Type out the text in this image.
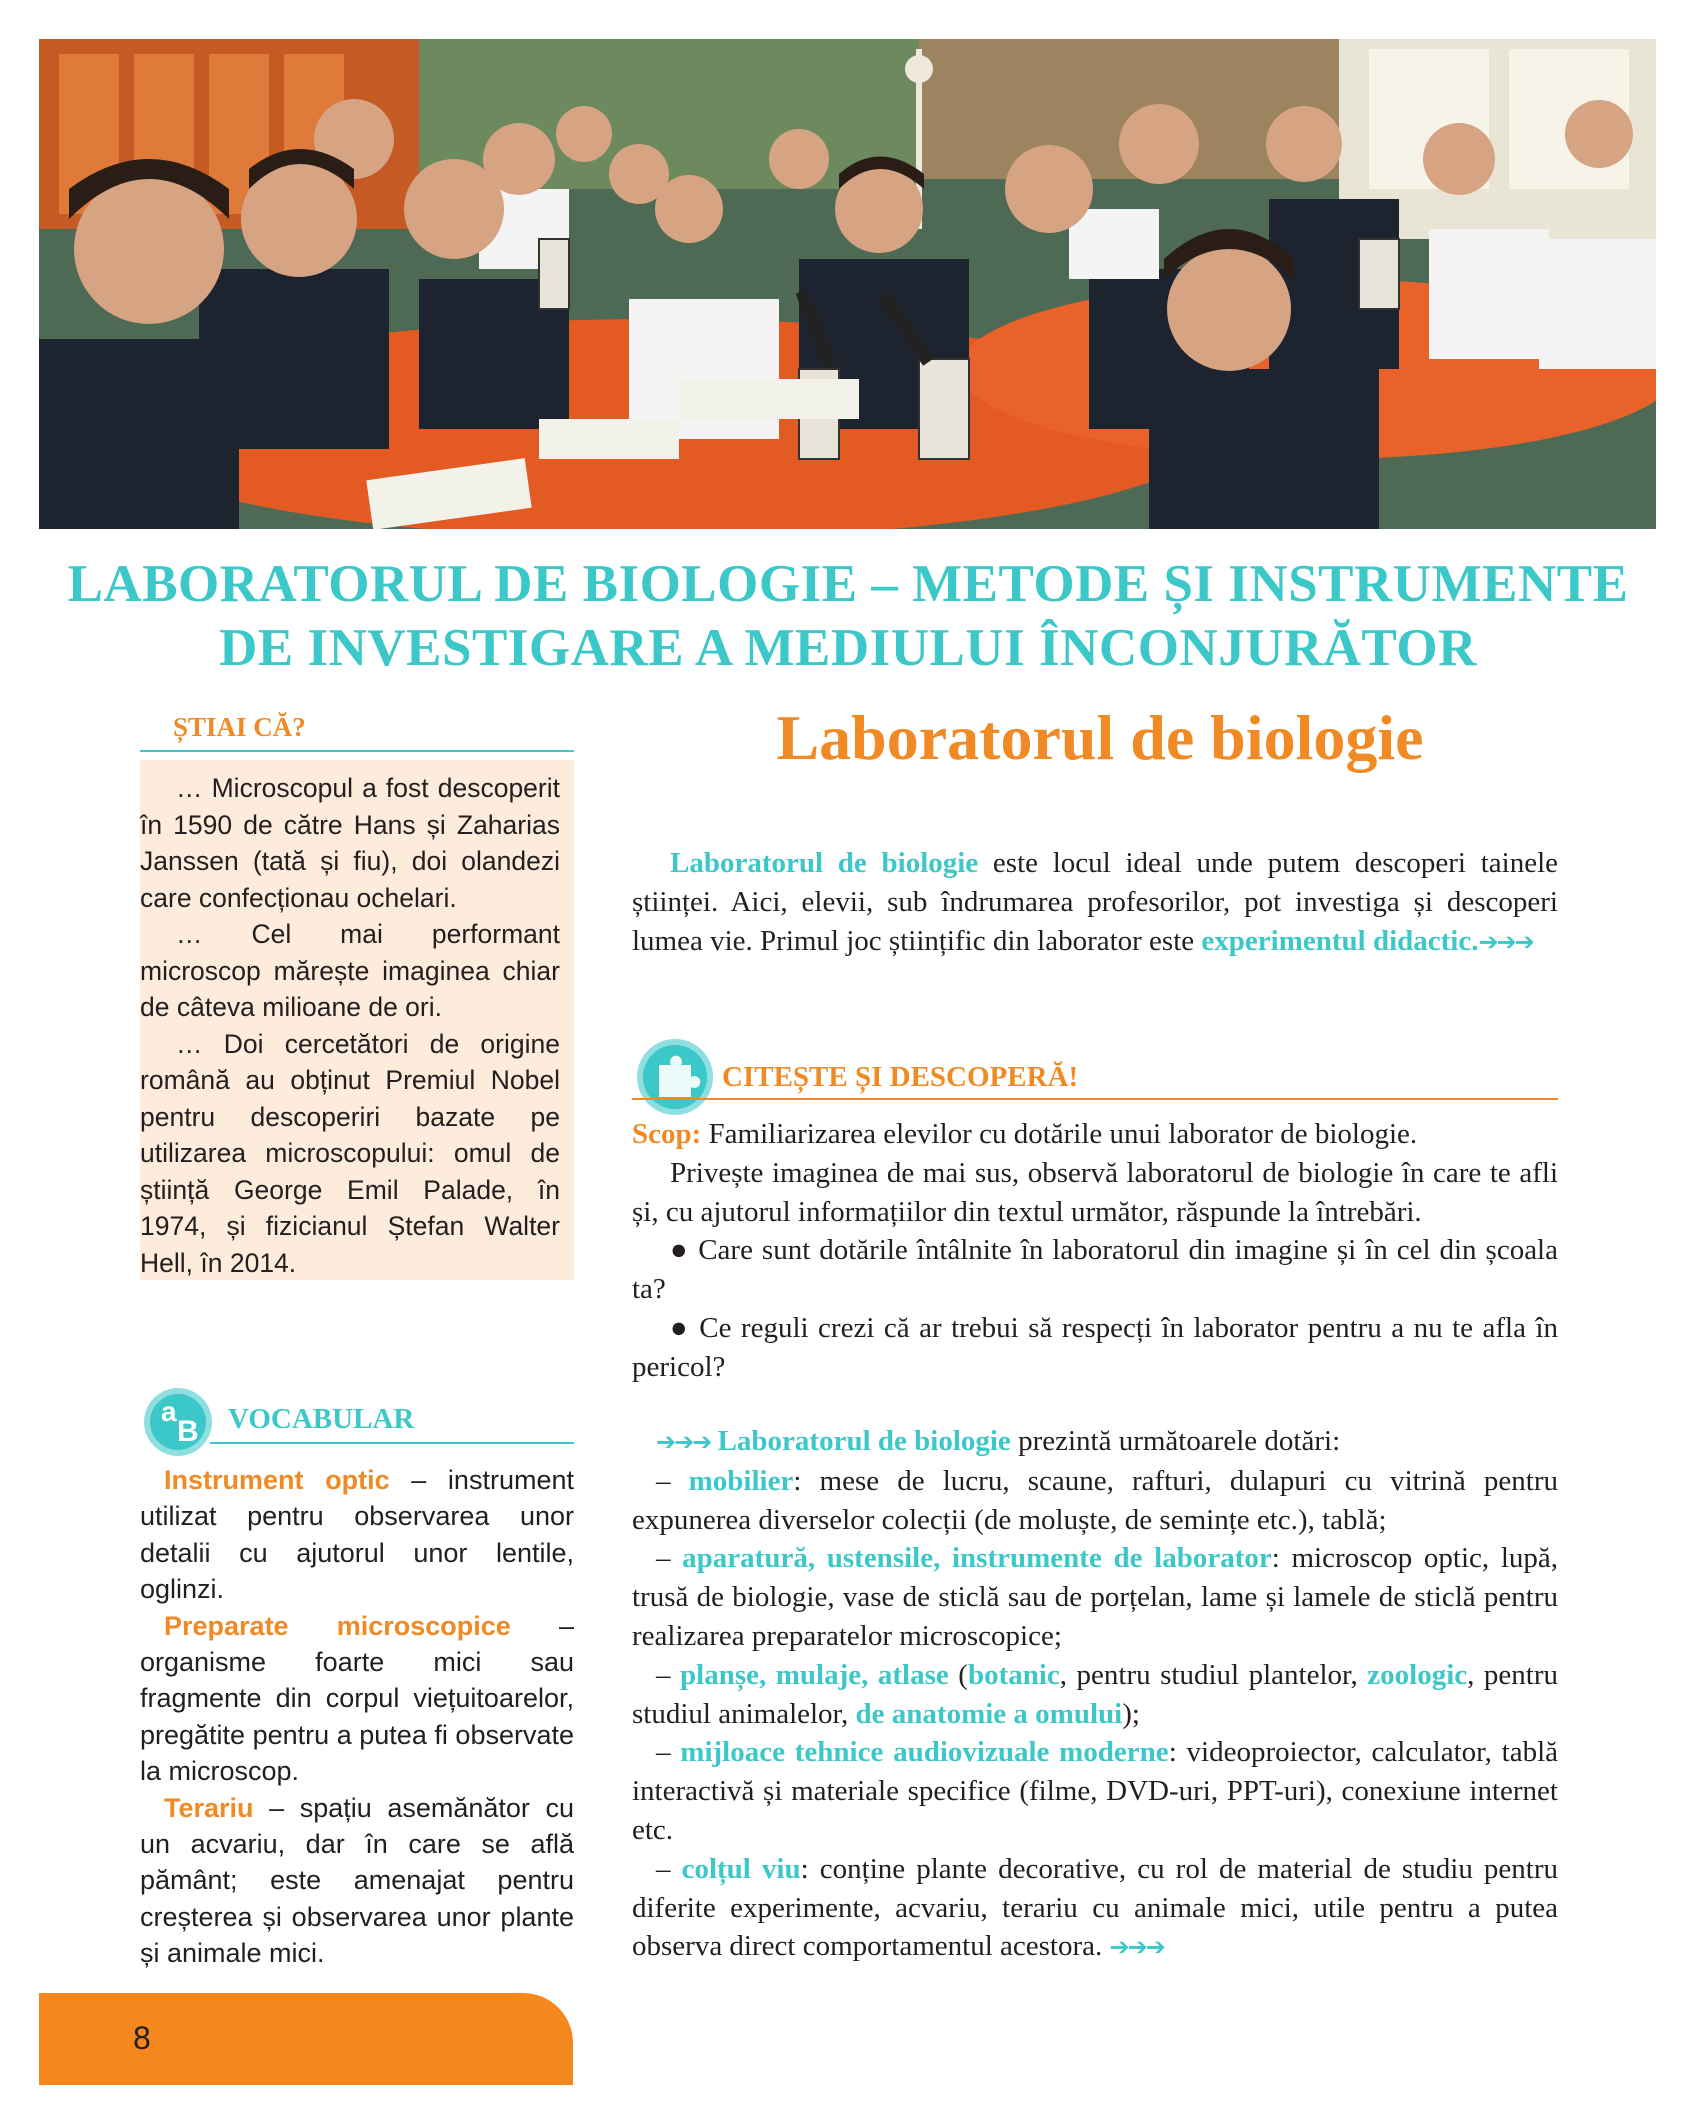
LABORATORUL DE BIOLOGIE – METODE ȘI INSTRUMENTE
DE INVESTIGARE A MEDIULUI ÎNCONJURĂTOR
Laboratorul de biologie
ȘTIAI CĂ?

… Microscopul a fost descoperit în 1590 de către Hans și Zaharias Janssen (tată și fiu), doi olandezi care confecționau ochelari.

… Cel mai performant microscop mărește imaginea chiar de câteva milioane de ori.

… Doi cercetători de origine română au obținut Premiul Nobel pentru descoperiri bazate pe utilizarea microscopului: omul de știință George Emil Palade, în 1974, și fizicianul Ștefan Walter Hell, în 2014.

a
B VOCABULAR

Instrument optic – instrument utilizat pentru observarea unor detalii cu ajutorul unor lentile, oglinzi.

Preparate microscopice – organisme foarte mici sau fragmente din corpul viețuitoarelor, pregătite pentru a putea fi observate la microscop.

Terariu – spațiu asemănător cu un acvariu, dar în care se află pământ; este amenajat pentru creșterea și observarea unor plante și animale mici.

8

Laboratorul de biologie este locul ideal unde putem descoperi tainele științei. Aici, elevii, sub îndrumarea profesorilor, pot investiga și descoperi lumea vie. Primul joc științific din laborator este experimentul didactic.➔➔➔

CITEȘTE ȘI DESCOPERĂ!

Scop: Familiarizarea elevilor cu dotările unui laborator de biologie.

Privește imaginea de mai sus, observă laboratorul de biologie în care te afli și, cu ajutorul informațiilor din textul următor, răspunde la întrebări.

● Care sunt dotările întâlnite în laboratorul din imagine și în cel din școala ta?

● Ce reguli crezi că ar trebui să respecți în laborator pentru a nu te afla în pericol?

➔➔➔ Laboratorul de biologie prezintă următoarele dotări:

– mobilier: mese de lucru, scaune, rafturi, dulapuri cu vitrină pentru expunerea diverselor colecții (de moluște, de semințe etc.), tablă;

– aparatură, ustensile, instrumente de laborator: microscop optic, lupă, trusă de biologie, vase de sticlă sau de porțelan, lame și lamele de sticlă pentru realizarea preparatelor microscopice;

– planșe, mulaje, atlase (botanic, pentru studiul plantelor, zoologic, pentru studiul animalelor, de anatomie a omului);

– mijloace tehnice audiovizuale moderne: videoproiector, calculator, tablă interactivă și materiale specifice (filme, DVD-uri, PPT-uri), conexiune internet etc.

– colțul viu: conține plante decorative, cu rol de material de studiu pentru diferite experimente, acvariu, terariu cu animale mici, utile pentru a putea observa direct comportamentul acestora. ➔➔➔
